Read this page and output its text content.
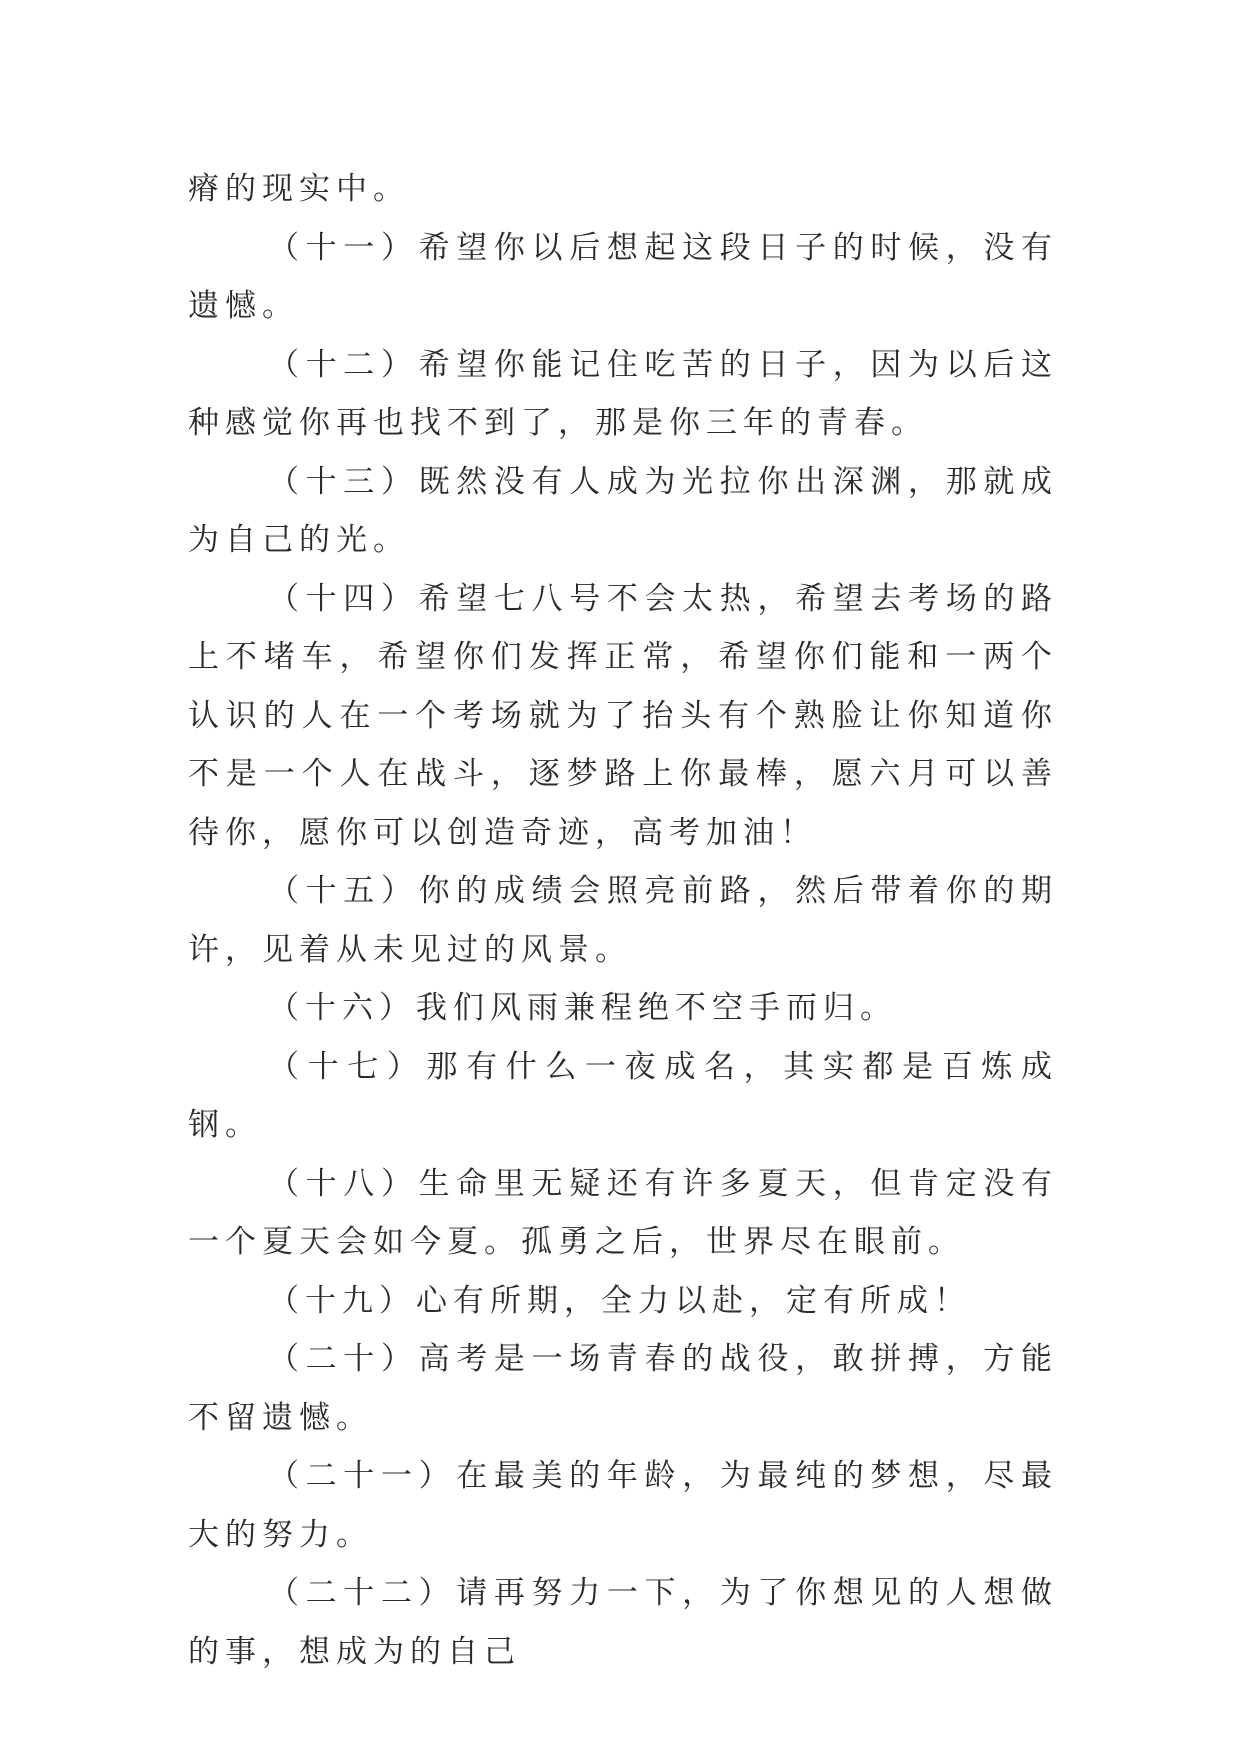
瘠的现实中。

（十一）希望你以后想起这段日子的时候，没有遗憾。

（十二）希望你能记住吃苦的日子，因为以后这种感觉你再也找不到了，那是你三年的青春。

（十三）既然没有人成为光拉你出深渊，那就成为自己的光。

（十四）希望七八号不会太热，希望去考场的路上不堵车，希望你们发挥正常，希望你们能和一两个认识的人在一个考场就为了抬头有个熟脸让你知道你不是一个人在战斗，逐梦路上你最棒，愿六月可以善待你，愿你可以创造奇迹，高考加油！

（十五）你的成绩会照亮前路，然后带着你的期许，见着从未见过的风景。

（十六）我们风雨兼程绝不空手而归。

（十七）那有什么一夜成名，其实都是百炼成钢。

（十八）生命里无疑还有许多夏天，但肯定没有一个夏天会如今夏。孤勇之后，世界尽在眼前。

（十九）心有所期，全力以赴，定有所成！

（二十）高考是一场青春的战役，敢拼搏，方能不留遗憾。

（二十一）在最美的年龄，为最纯的梦想，尽最大的努力。

（二十二）请再努力一下，为了你想见的人想做的事，想成为的自己
